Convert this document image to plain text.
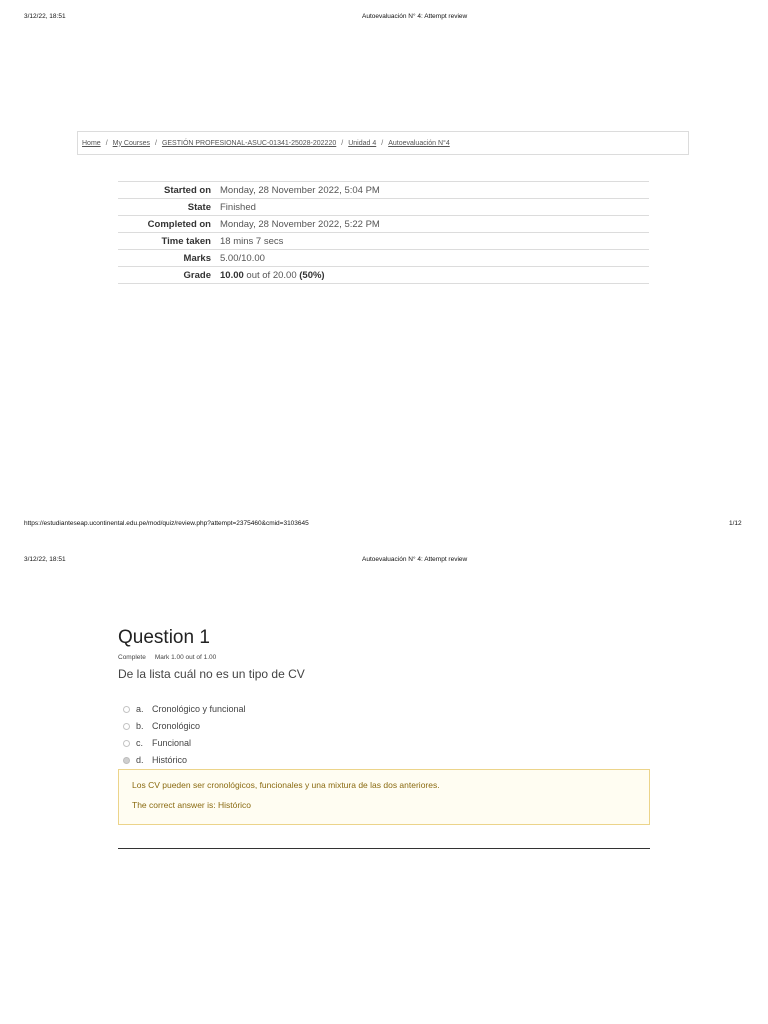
3/12/22, 18:51	Autoevaluación N° 4: Attempt review
Home / My Courses / GESTIÓN PROFESIONAL-ASUC-01341-25028-202220 / Unidad 4 / Autoevaluación N°4
Started on	Monday, 28 November 2022, 5:04 PM
State	Finished
Completed on	Monday, 28 November 2022, 5:22 PM
Time taken	18 mins 7 secs
Marks	5.00/10.00
Grade	10.00 out of 20.00 (50%)
https://estudianteseap.ucontinental.edu.pe/mod/quiz/review.php?attempt=2375460&cmid=3103645	1/12
3/12/22, 18:51	Autoevaluación N° 4: Attempt review
Question 1
Complete Mark 1.00 out of 1.00
De la lista cuál no es un tipo de CV
a. Cronológico y funcional
b. Cronológico
c. Funcional
d. Histórico
Los CV pueden ser cronológicos, funcionales y una mixtura de las dos anteriores.
The correct answer is: Histórico
